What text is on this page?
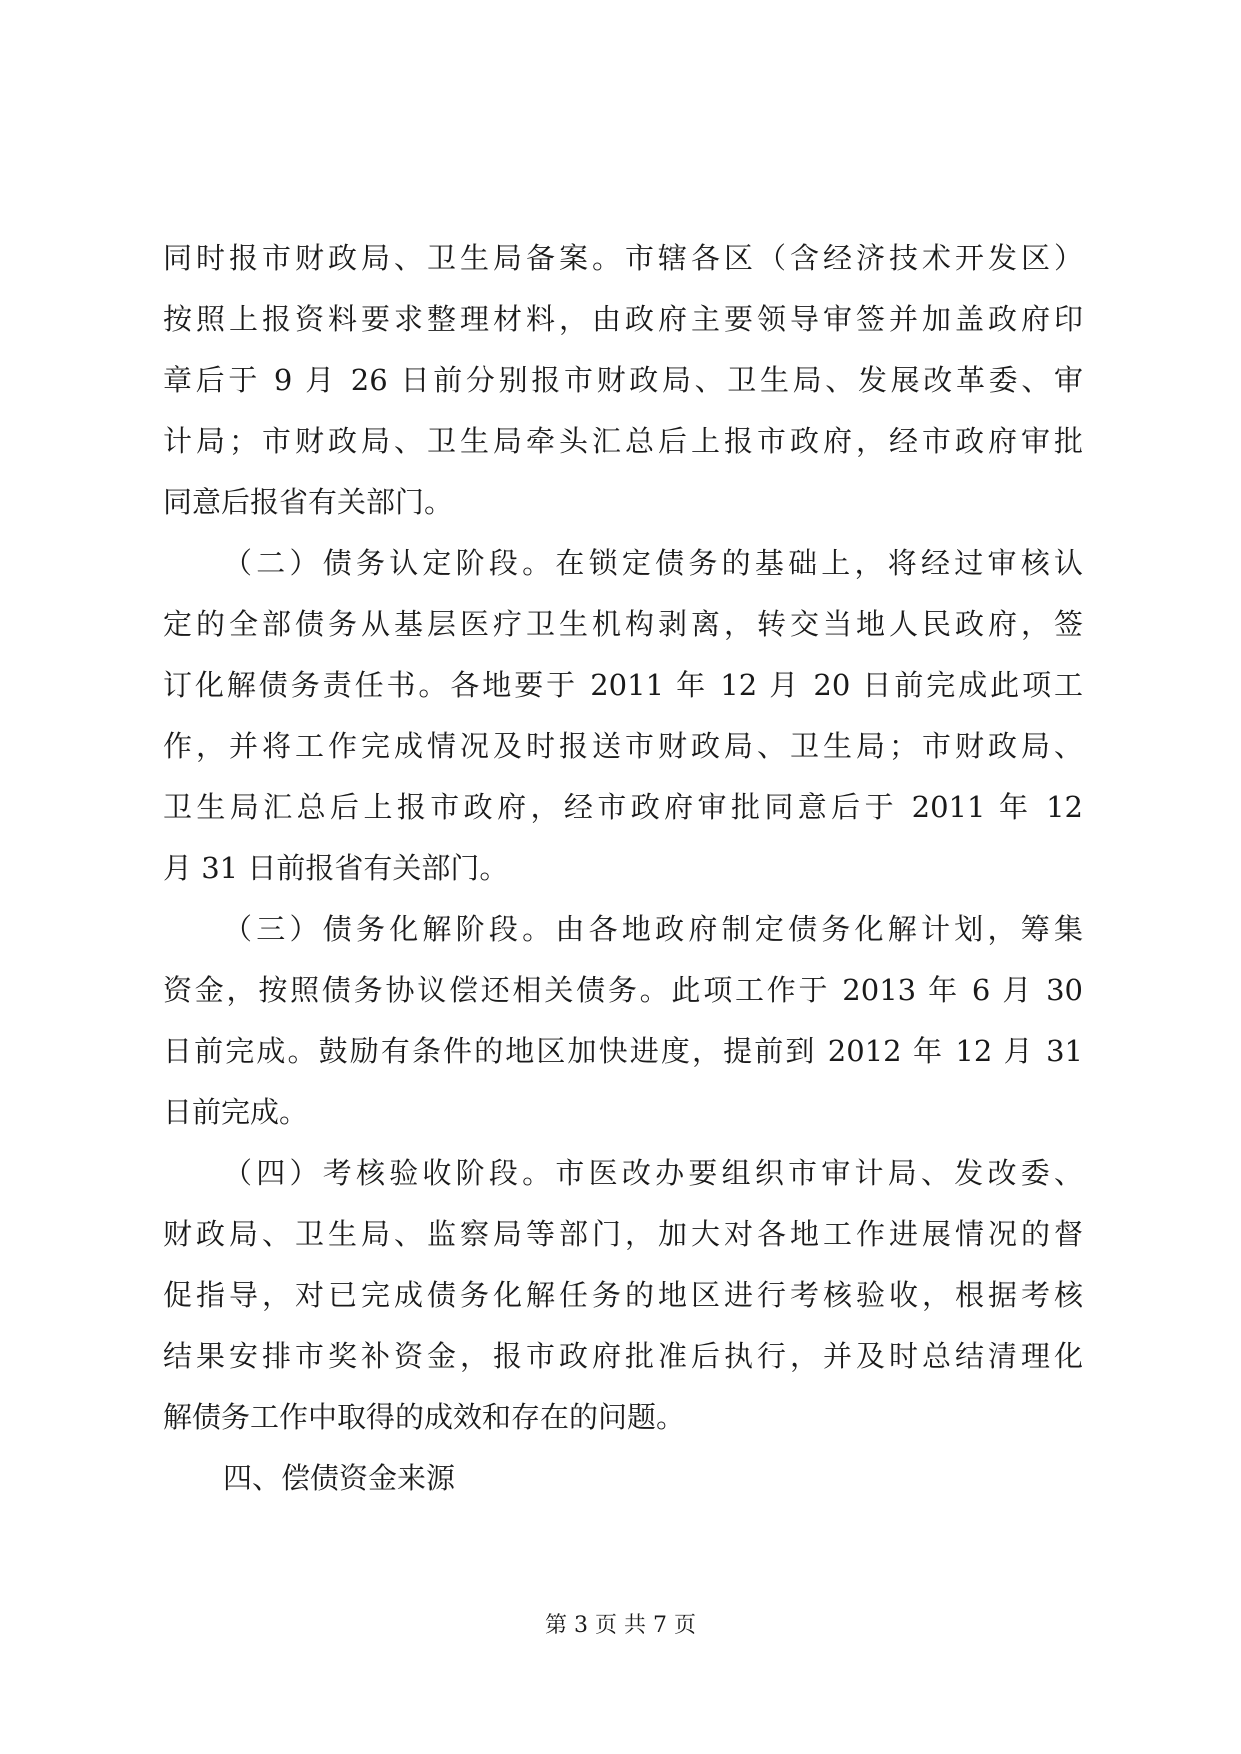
同时报市财政局、卫生局备案。市辖各区（含经济技术开发区）
按照上报资料要求整理材料，由政府主要领导审签并加盖政府印
章后于 9 月 26 日前分别报市财政局、卫生局、发展改革委、审
计局；市财政局、卫生局牵头汇总后上报市政府，经市政府审批
同意后报省有关部门。
（二）债务认定阶段。在锁定债务的基础上，将经过审核认
定的全部债务从基层医疗卫生机构剥离，转交当地人民政府，签
订化解债务责任书。各地要于 2011 年 12 月 20 日前完成此项工
作，并将工作完成情况及时报送市财政局、卫生局；市财政局、
卫生局汇总后上报市政府，经市政府审批同意后于 2011 年 12
月 31 日前报省有关部门。
（三）债务化解阶段。由各地政府制定债务化解计划，筹集
资金，按照债务协议偿还相关债务。此项工作于 2013 年 6 月 30
日前完成。鼓励有条件的地区加快进度，提前到 2012 年 12 月 31
日前完成。
（四）考核验收阶段。市医改办要组织市审计局、发改委、
财政局、卫生局、监察局等部门，加大对各地工作进展情况的督
促指导，对已完成债务化解任务的地区进行考核验收，根据考核
结果安排市奖补资金，报市政府批准后执行，并及时总结清理化
解债务工作中取得的成效和存在的问题。
四、偿债资金来源
第 3 页 共 7 页
